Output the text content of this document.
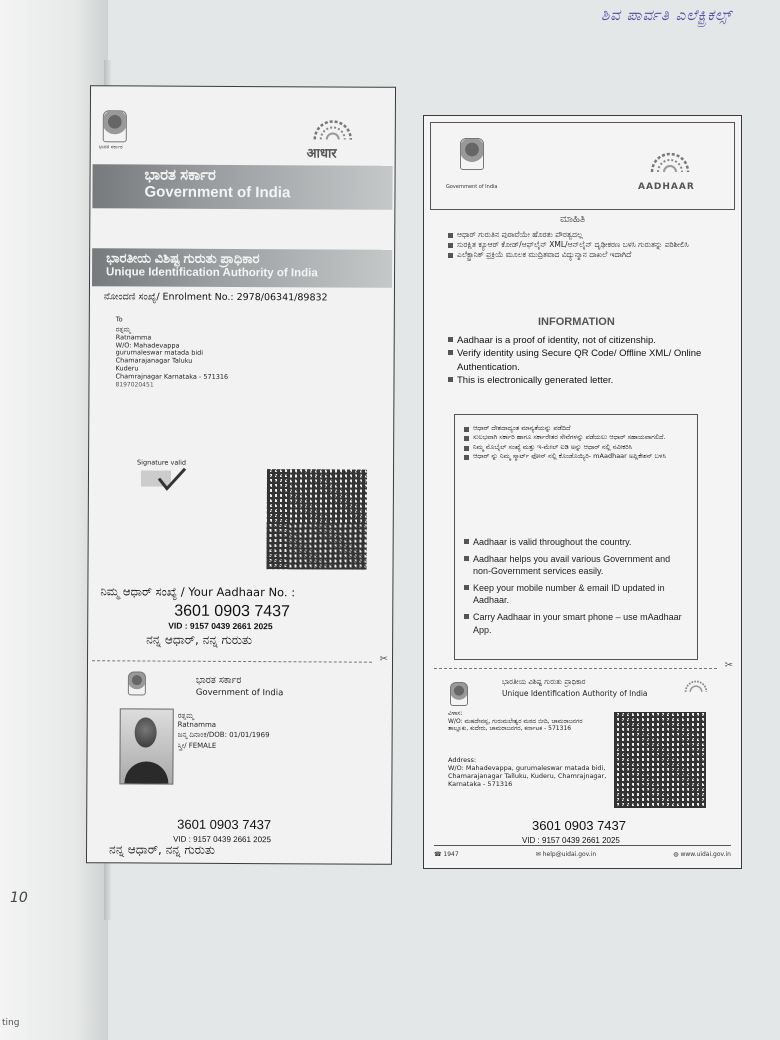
ಶಿವ ಪಾರ್ವತಿ ಎಲೆಕ್ಟ್ರಿಕಲ್ಸ್
10
ting
ಭಾರತ ಸರ್ಕಾರ	आधार
ಭಾರತ ಸರ್ಕಾರ
Government of India
ಭಾರತೀಯ ವಿಶಿಷ್ಟ ಗುರುತು ಪ್ರಾಧಿಕಾರ
Unique Identification Authority of India
ನೋಂದಣಿ ಸಂಖ್ಯೆ/ Enrolment No.: 2978/06341/89832
To
ರತ್ನಮ್ಮ
Ratnamma
W/O: Mahadevappa
gurumaleswar matada bidi
Chamarajanagar Taluku
Kuderu
Chamrajnagar Karnataka - 571316
8197020451
Signature valid
ನಿಮ್ಮ ಆಧಾರ್ ಸಂಖ್ಯೆ / Your Aadhaar No. :
3601 0903 7437
VID : 9157 0439 2661 2025
ನನ್ನ ಆಧಾರ್, ನನ್ನ ಗುರುತು
✂
ಭಾರತ ಸರ್ಕಾರ
Government of India
ರತ್ನಮ್ಮ
Ratnamma
ಜನ್ಮ ದಿನಾಂಕ/DOB: 01/01/1969
ಸ್ತ್ರೀ/ FEMALE
3601 0903 7437
VID : 9157 0439 2661 2025
ನನ್ನ ಆಧಾರ್, ನನ್ನ ಗುರುತು
Government of India	AADHAAR
ಮಾಹಿತಿ
ಆಧಾರ್ ಗುರುತಿನ ಪುರಾವೆಯೇ ಹೊರತು ಪೌರತ್ವದಲ್ಲ
ಸುರಕ್ಷಿತ ಕ್ಯೂಆರ್ ಕೋಡ್/ಆಫ್‌ಲೈನ್ XML/ಆನ್‌ಲೈನ್ ದೃಢೀಕರಣ ಬಳಸಿ ಗುರುತನ್ನು ಪರಿಶೀಲಿಸಿ
ಎಲೆಕ್ಟ್ರಾನಿಕ್ ಪ್ರಕ್ರಿಯೆ ಮೂಲಕ ಮುದ್ರಿತವಾದ ವಿದ್ಯುನ್ಮಾನ ದಾಖಲೆ ಇದಾಗಿದೆ
INFORMATION
Aadhaar is a proof of identity, not of citizenship.
Verify identity using Secure QR Code/ Offline XML/ Online Authentication.
This is electronically generated letter.
ಆಧಾರ್ ದೇಶದಾದ್ಯಂತ ಮಾನ್ಯತೆಯನ್ನು ಪಡೆದಿದೆ
ಸುಲಭವಾಗಿ ಸರ್ಕಾರಿ ಹಾಗೂ ಸರ್ಕಾರೇತರ ಸೇವೆಗಳನ್ನು ಪಡೆಯಲು ಆಧಾರ್ ಸಹಾಯವಾಗಲಿದೆ.
ನಿಮ್ಮ ಮೊಬೈಲ್ ಸಂಖ್ಯೆ ಮತ್ತು ಇ-ಮೇಲ್ ಐಡಿ ಅನ್ನು ಆಧಾರ್ ನಲ್ಲಿ ನವೀಕರಿಸಿ
ಆಧಾರ್ ನ್ನು ನಿಮ್ಮ ಸ್ಮಾರ್ಟ್ ಫೋನ್ ನಲ್ಲಿ ಕೊಂಡೊಯ್ಯಿರಿ- mAadhaar ಅಪ್ಲಿಕೇಶನ್ ಬಳಸಿ
Aadhaar is valid throughout the country.
Aadhaar helps you avail various Government and non-Government services easily.
Keep your mobile number & email ID updated in Aadhaar.
Carry Aadhaar in your smart phone – use mAadhaar App.
✂
ಭಾರತೀಯ ವಿಶಿಷ್ಟ ಗುರುತು ಪ್ರಾಧಿಕಾರ
Unique Identification Authority of India
ವಿಳಾಸ:
W/O: ಮಹದೇವಪ್ಪ, ಗುರುಮಲೇಶ್ವರ ಮಠದ ಬೀದಿ, ಚಾಮರಾಜನಗರ ತಾಲ್ಲೂಕು, ಕುದೇರು, ಚಾಮರಾಜನಗರ, ಕರ್ನಾಟಕ - 571316
Address:
W/O: Mahadevappa, gurumaleswar matada bidi, Chamarajanagar Talluku, Kuderu, Chamrajnagar, Karnataka - 571316
3601 0903 7437
VID : 9157 0439 2661 2025
☎ 1947	✉ help@uidai.gov.in	◍ www.uidai.gov.in
